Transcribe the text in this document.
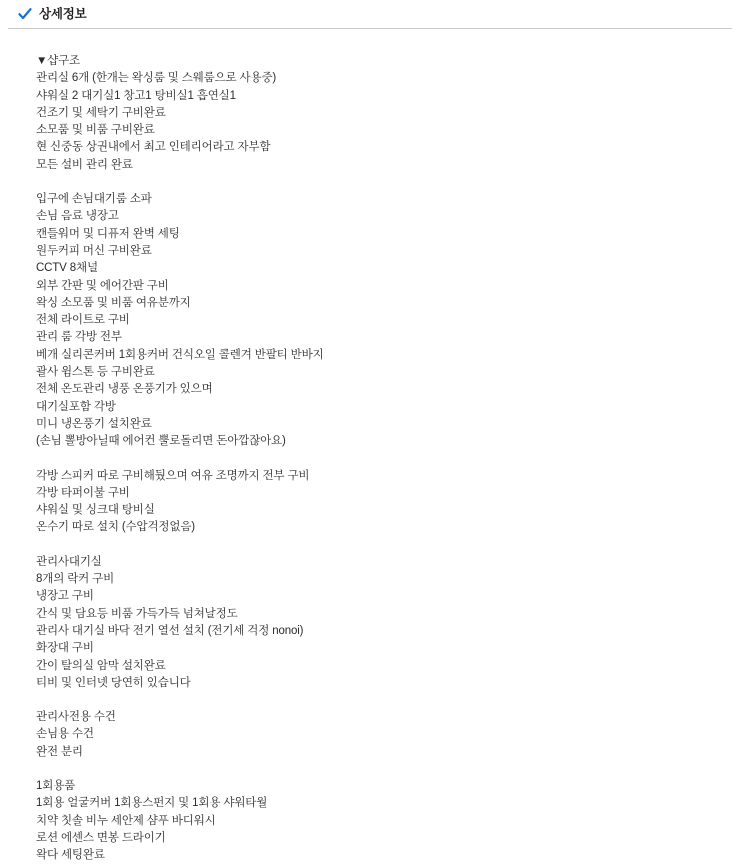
상세정보
▼샵구조
관리실 6개 (한개는 왁싱룸 및 스웨룸으로 사용중)
샤워실 2 대기실1 창고1 탕비실1 흡연실1
건조기 및 세탁기 구비완료
소모품 및 비품 구비완료
현 신중동 상권내에서 최고 인테리어라고 자부함
모든 설비 관리 완료
입구에 손님대기룸 소파
손님 음료 냉장고
캔들워머 및 디퓨저 완벽 세팅
원두커피 머신 구비완료
CCTV 8채널
외부 간판 및 에어간판 구비
왁싱 소모품 및 비품 여유분까지
전체 라이트로 구비
관리 룸 각방 전부
베개 실리콘커버 1회용커버 건식오일 콜렌겨 반팔티 반바지
괄사 윔스톤 등 구비완료
전체 온도관리 냉풍 온풍기가 있으며
대기실포함 각방
미니 냉온풍기 설치완료
(손님 뽈방아닐때 에어컨 뿔로돌리면 돈아깝잖아요)
각방 스피커 따로 구비해뒀으며 여유 조명까지 전부 구비
각방 타퍼이불 구비
샤워실 및 싱크대 탕비실
온수기 따로 설치 (수압걱정없음)
관리사대기실
8개의 락커 구비
냉장고 구비
간식 및 담요등 비품 가득가득 넘쳐날정도
관리사 대기실 바닥 전기 열선 설치 (전기세 걱정 nonoi)
화장대 구비
간이 탈의실 암막 설치완료
티비 및 인터넷 당연히 있습니다
관리사전용 수건
손님용 수건
완전 분리
1회용품
1회용 얼굴커버 1회용스펀지 및 1회용 샤워타월
치약 칫솔 비누 세안제 샴푸 바디워시
로션 에센스 면봉 드라이기
왁다 세팅완료
